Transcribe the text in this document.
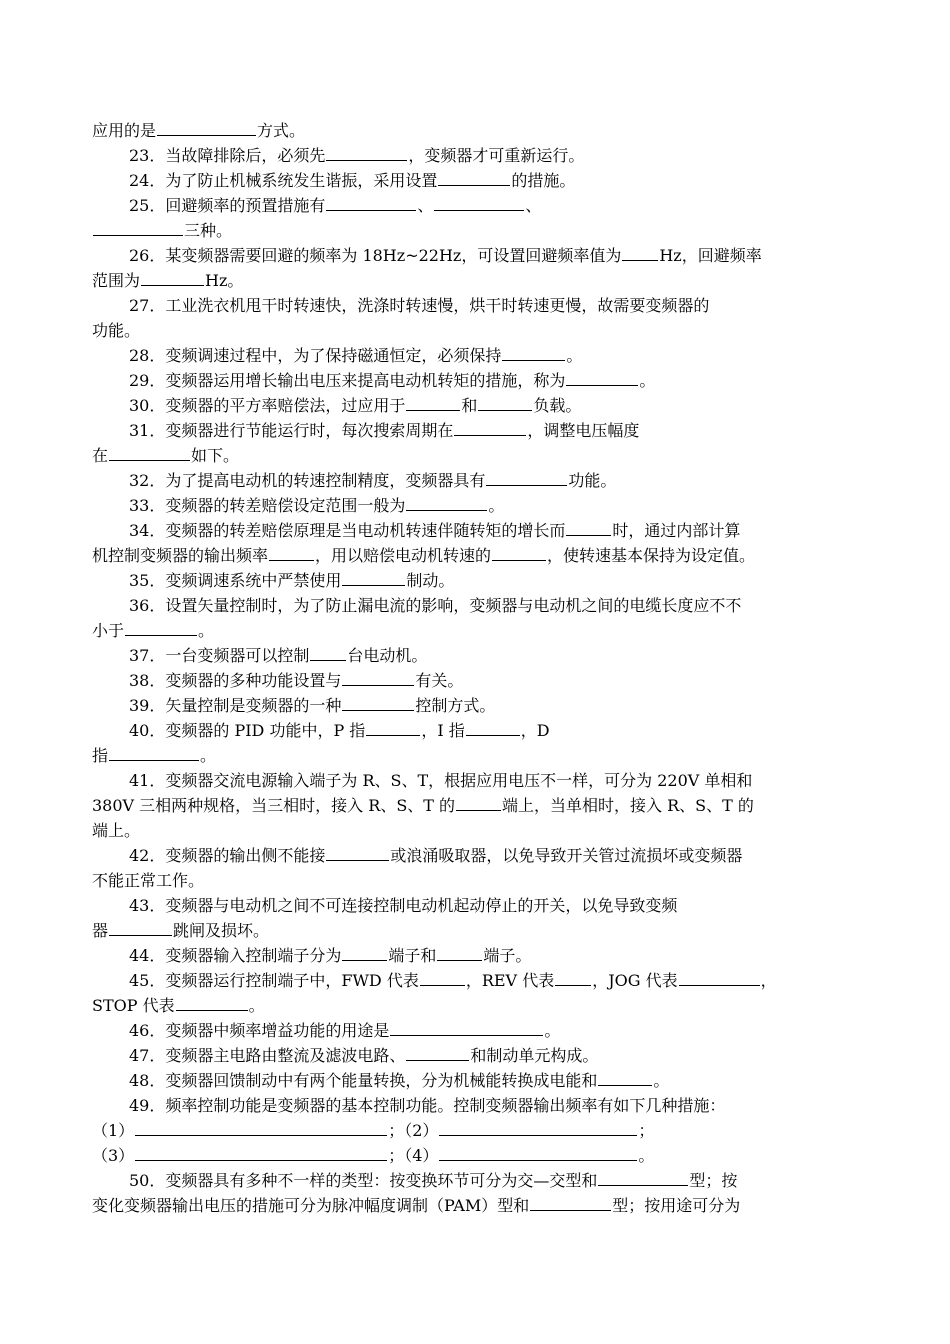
应用的是	方式。
23．当故障排除后，必须先	，变频器才可重新运行。
24．为了防止机械系统发生谐振，采用设置	的措施。
25．回避频率的预置措施有	、	、
三种。
26．某变频器需要回避的频率为 18Hz~22Hz，可设置回避频率值为 Hz，回避频率
范围为	Hz。
27．工业洗衣机甩干时转速快，洗涤时转速慢，烘干时转速更慢，故需要变频器的
功能。
28．变频调速过程中，为了保持磁通恒定，必须保持	。
29．变频器运用增长输出电压来提高电动机转矩的措施，称为	。
30．变频器的平方率赔偿法，过应用于	和	负载。
31．变频器进行节能运行时，每次搜索周期在	，调整电压幅度
在	如下。
32．为了提高电动机的转速控制精度，变频器具有	功能。
33．变频器的转差赔偿设定范围一般为	。
34．变频器的转差赔偿原理是当电动机转速伴随转矩的增长而	时，通过内部计算
机控制变频器的输出频率	，用以赔偿电动机转速的	，使转速基本保持为设定值。
35．变频调速系统中严禁使用	制动。
36．设置矢量控制时，为了防止漏电流的影响，变频器与电动机之间的电缆长度应不不
小于	。
37．一台变频器可以控制 台电动机。
38．变频器的多种功能设置与	有关。
39．矢量控制是变频器的一种	控制方式。
40．变频器的 PID 功能中，P 指	，I 指	，D
指	。
41．变频器交流电源输入端子为 R、S、T，根据应用电压不一样，可分为 220V 单相和
380V 三相两种规格，当三相时，接入 R、S、T 的	端上，当单相时，接入 R、S、T 的
端上。
42．变频器的输出侧不能接	或浪涌吸取器，以免导致开关管过流损坏或变频器
不能正常工作。
43．变频器与电动机之间不可连接控制电动机起动停止的开关，以免导致变频
器	跳闸及损坏。
44．变频器输入控制端子分为	端子和	端子。
45．变频器运行控制端子中，FWD 代表	，REV 代表 ，JOG 代表	，
STOP 代表	。
46．变频器中频率增益功能的用途是	。
47．变频器主电路由整流及滤波电路、	和制动单元构成。
48．变频器回馈制动中有两个能量转换，分为机械能转换成电能和	。
49．频率控制功能是变频器的基本控制功能。控制变频器输出频率有如下几种措施：
（1）	；（2）	；
（3）	；（4）	。
50．变频器具有多种不一样的类型：按变换环节可分为交—交型和	型；按
变化变频器输出电压的措施可分为脉冲幅度调制（PAM）型和	型；按用途可分为
